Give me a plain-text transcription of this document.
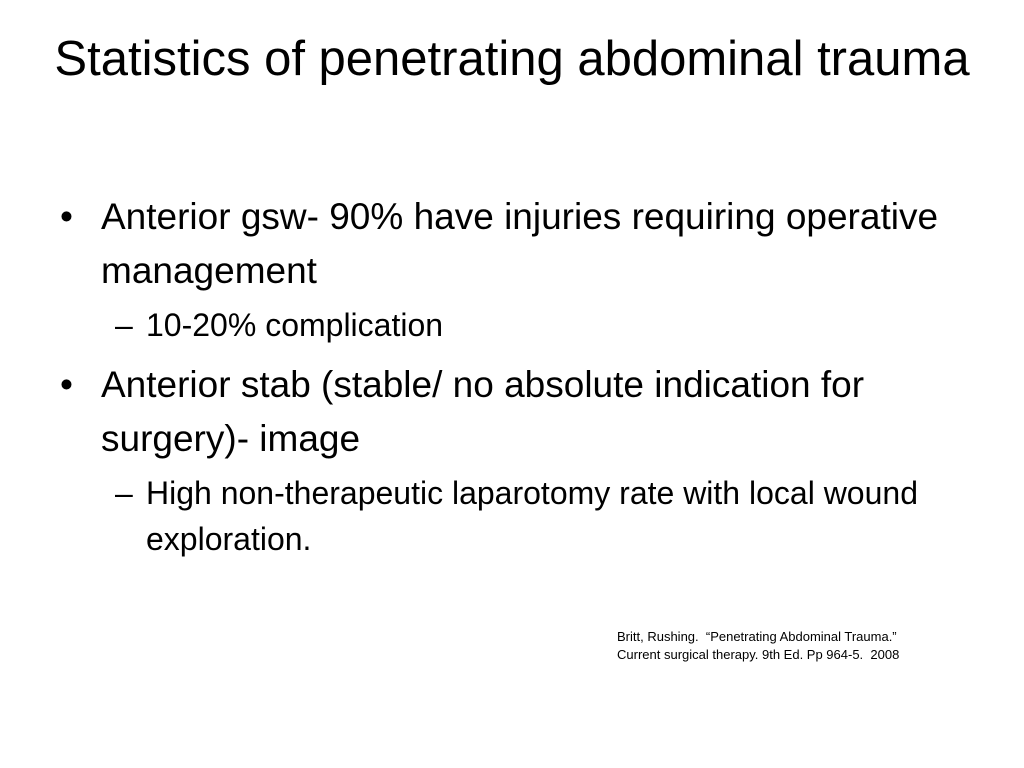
Statistics of penetrating abdominal trauma
• Anterior gsw- 90% have injuries requiring operative management
– 10-20% complication
• Anterior stab (stable/ no absolute indication for surgery)- image
– High non-therapeutic laparotomy rate with local wound exploration.
Britt, Rushing.  “Penetrating Abdominal Trauma.”
Current surgical therapy. 9th Ed. Pp 964-5.  2008
